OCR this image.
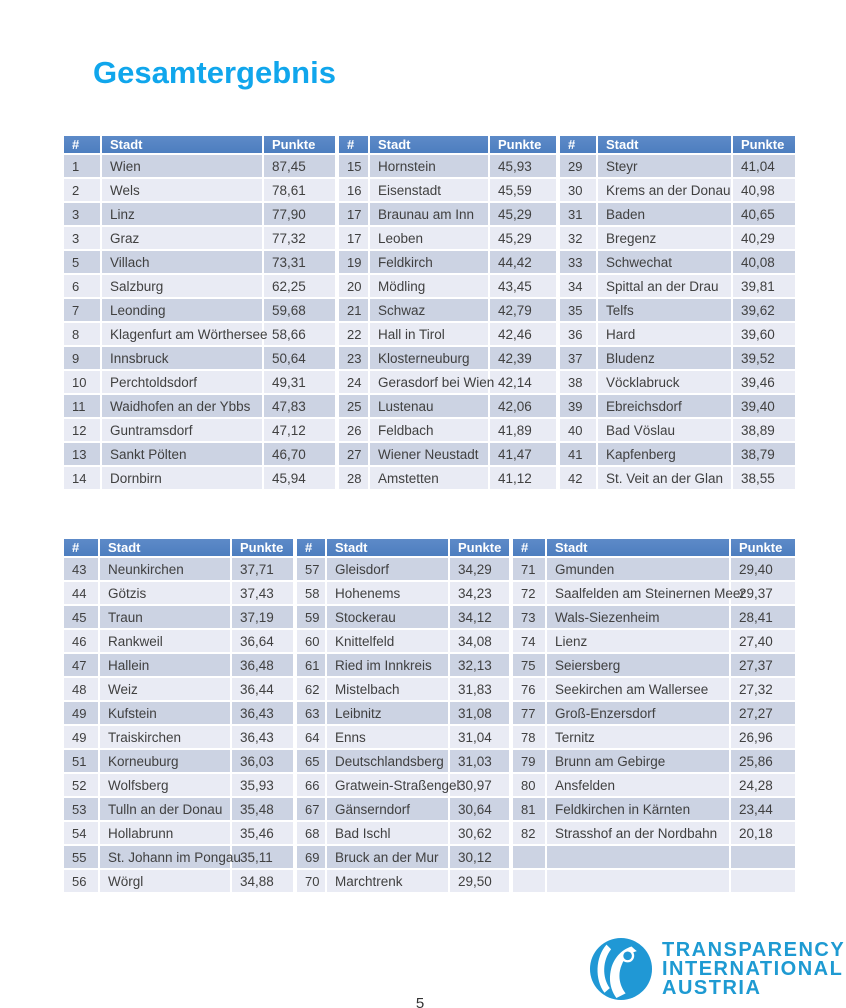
Gesamtergebnis
#	Stadt	Punkte	#	Stadt	Punkte	#	Stadt	Punkte
1	Wien	87,45	15	Hornstein	45,93	29	Steyr	41,04
2	Wels	78,61	16	Eisenstadt	45,59	30	Krems an der Donau	40,98
3	Linz	77,90	17	Braunau am Inn	45,29	31	Baden	40,65
3	Graz	77,32	17	Leoben	45,29	32	Bregenz	40,29
5	Villach	73,31	19	Feldkirch	44,42	33	Schwechat	40,08
6	Salzburg	62,25	20	Mödling	43,45	34	Spittal an der Drau	39,81
7	Leonding	59,68	21	Schwaz	42,79	35	Telfs	39,62
8	Klagenfurt am Wörthersee	58,66	22	Hall in Tirol	42,46	36	Hard	39,60
9	Innsbruck	50,64	23	Klosterneuburg	42,39	37	Bludenz	39,52
10	Perchtoldsdorf	49,31	24	Gerasdorf bei Wien	42,14	38	Vöcklabruck	39,46
11	Waidhofen an der Ybbs	47,83	25	Lustenau	42,06	39	Ebreichsdorf	39,40
12	Guntramsdorf	47,12	26	Feldbach	41,89	40	Bad Vöslau	38,89
13	Sankt Pölten	46,70	27	Wiener Neustadt	41,47	41	Kapfenberg	38,79
14	Dornbirn	45,94	28	Amstetten	41,12	42	St. Veit an der Glan	38,55
#	Stadt	Punkte	#	Stadt	Punkte	#	Stadt	Punkte
43	Neunkirchen	37,71	57	Gleisdorf	34,29	71	Gmunden	29,40
44	Götzis	37,43	58	Hohenems	34,23	72	Saalfelden am Steinernen Meer	29,37
45	Traun	37,19	59	Stockerau	34,12	73	Wals-Siezenheim	28,41
46	Rankweil	36,64	60	Knittelfeld	34,08	74	Lienz	27,40
47	Hallein	36,48	61	Ried im Innkreis	32,13	75	Seiersberg	27,37
48	Weiz	36,44	62	Mistelbach	31,83	76	Seekirchen am Wallersee	27,32
49	Kufstein	36,43	63	Leibnitz	31,08	77	Groß-Enzersdorf	27,27
49	Traiskirchen	36,43	64	Enns	31,04	78	Ternitz	26,96
51	Korneuburg	36,03	65	Deutschlandsberg	31,03	79	Brunn am Gebirge	25,86
52	Wolfsberg	35,93	66	Gratwein-Straßengel	30,97	80	Ansfelden	24,28
53	Tulln an der Donau	35,48	67	Gänserndorf	30,64	81	Feldkirchen in Kärnten	23,44
54	Hollabrunn	35,46	68	Bad Ischl	30,62	82	Strasshof an der Nordbahn	20,18
55	St. Johann im Pongau	35,11	69	Bruck an der Mur	30,12			
56	Wörgl	34,88	70	Marchtrenk	29,50			
TRANSPARENCY
INTERNATIONAL
AUSTRIA
5
